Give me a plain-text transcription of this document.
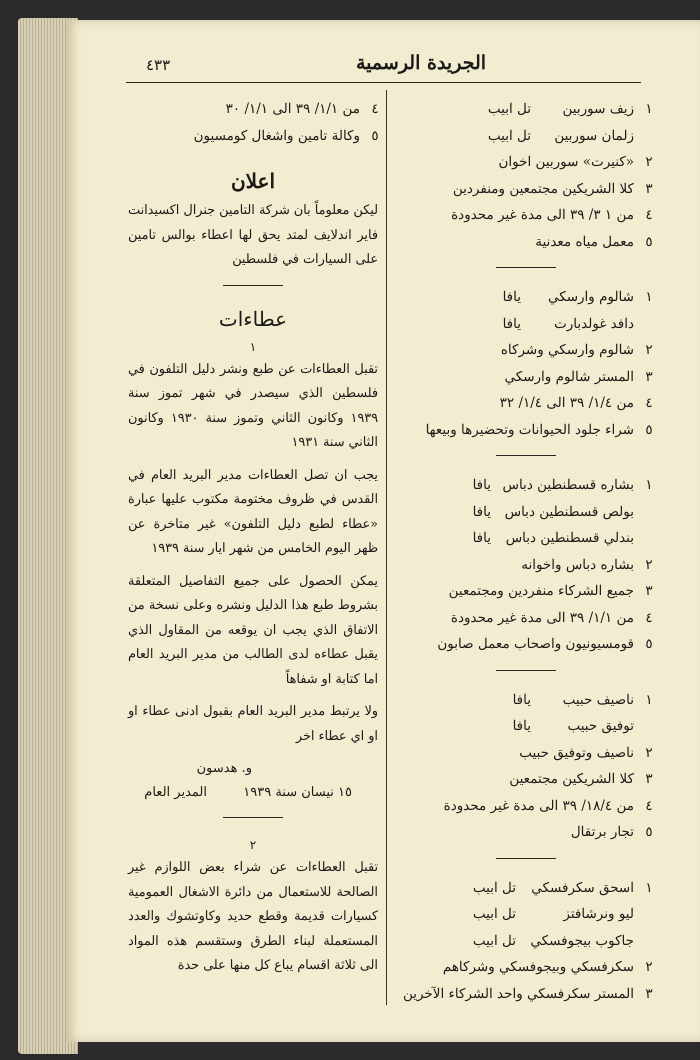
٤٣٣	الجريدة الرسمية
١
زيف سوربين
تل ابيب
زلمان سوربين
تل ابيب
٢
«كنيرت» سوربين اخوان
٣
كلا الشريكين مجتمعين ومنفردين
٤
من ١ ٣/ ٣٩ الى مدة غير محدودة
٥
معمل مياه معدنية
١
شالوم وارسكي
يافا
دافد غولدبارت
يافا
٢
شالوم وارسكي وشركاه
٣
المستر شالوم وارسكي
٤
من ١/٤/ ٣٩ الى ١/٤/ ٣٢
٥
شراء جلود الحيوانات وتحضيرها وبيعها
١
بشاره قسطنطين دباس
يافا
بولص قسطنطين دباس
يافا
بندلي قسطنطين دباس
يافا
٢
بشاره دباس واخوانه
٣
جميع الشركاء منفردين ومجتمعين
٤
من ١/١/ ٣٩ الى مدة غير محدودة
٥
قومسيونيون واصحاب معمل صابون
١
ناصيف حبيب
يافا
توفيق حبيب
يافا
٢
ناصيف وتوفيق حبيب
٣
كلا الشريكين مجتمعين
٤
من ١٨/٤/ ٣٩ الى مدة غير محدودة
٥
تجار برتقال
١
اسحق سكرفسكي
تل ابيب
ليو ونرشافتز
تل ابيب
جاكوب بيجوفسكي
تل ابيب
٢
سكرفسكي وبيجوفسكي وشركاهم
٣
المستر سكرفسكي واحد الشركاء الآخرين
٤
من ١/١/ ٣٩ الى ١/١/ ٣٠
٥
وكالة تامين واشغال كومسيون
اعلان
ليكن معلوماً بان شركة التامين جنرال اكسيدانت فاير اندلايف لمتد يحق لها اعطاء بوالس تامين على السيارات في فلسطين
عطاءات
١
تقبل العطاءات عن طبع ونشر دليل التلفون في فلسطين الذي سيصدر في شهر تموز سنة ١٩٣٩ وكانون الثاني وتموز سنة ١٩٣٠ وكانون الثاني سنة ١٩٣١
يجب ان تصل العطاءات مدير البريد العام في القدس في ظروف مختومة مكتوب عليها عبارة «عطاء لطبع دليل التلفون» غير متاخرة عن ظهر اليوم الخامس من شهر ايار سنة ١٩٣٩
يمكن الحصول على جميع التفاصيل المتعلقة بشروط طبع هذا الدليل ونشره وعلى نسخة من الاتفاق الذي يجب ان يوقعه من المقاول الذي يقبل عطاءه لدى الطالب من مدير البريد العام اما كتابة او شفاهاً
ولا يرتبط مدير البريد العام بقبول ادنى عطاء او او اي عطاء اخر
و. هدسون
١٥ نيسان سنة ١٩٣٩
المدير العام
٢
تقبل العطاءات عن شراء بعض اللوازم غير الصالحة للاستعمال من دائرة الاشغال العمومية كسيارات قديمة وقطع حديد وكاوتشوك والعدد المستعملة لبناء الطرق وستقسم هذه المواد الى ثلاثة اقسام يباع كل منها على حدة
